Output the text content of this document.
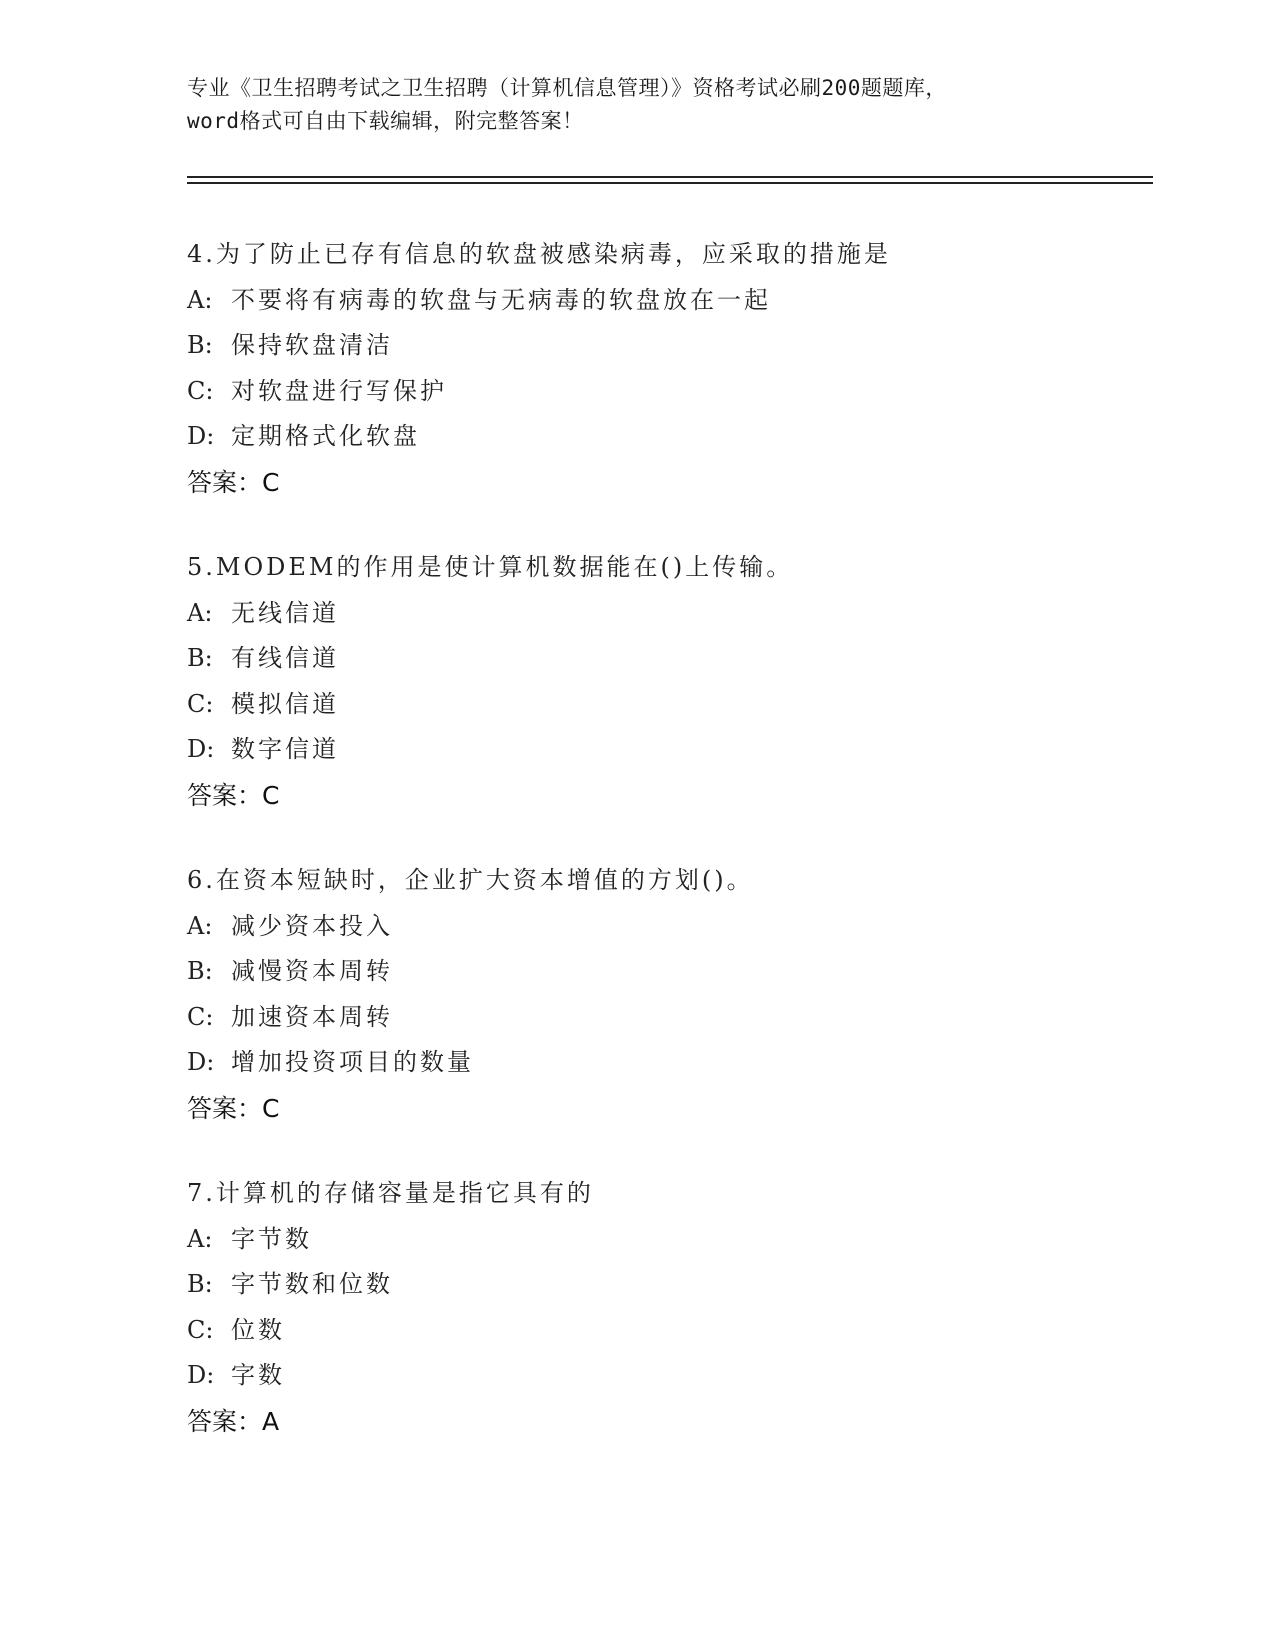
专业《卫生招聘考试之卫生招聘（计算机信息管理）》资格考试必刷200题题库，
word格式可自由下载编辑，附完整答案！
4.为了防止已存有信息的软盘被感染病毒，应采取的措施是
A: 不要将有病毒的软盘与无病毒的软盘放在一起
B: 保持软盘清洁
C: 对软盘进行写保护
D: 定期格式化软盘
答案：C
5.MODEM的作用是使计算机数据能在()上传输。
A: 无线信道
B: 有线信道
C: 模拟信道
D: 数字信道
答案：C
6.在资本短缺时，企业扩大资本增值的方划()。
A: 减少资本投入
B: 减慢资本周转
C: 加速资本周转
D: 增加投资项目的数量
答案：C
7.计算机的存储容量是指它具有的
A: 字节数
B: 字节数和位数
C: 位数
D: 字数
答案：A
